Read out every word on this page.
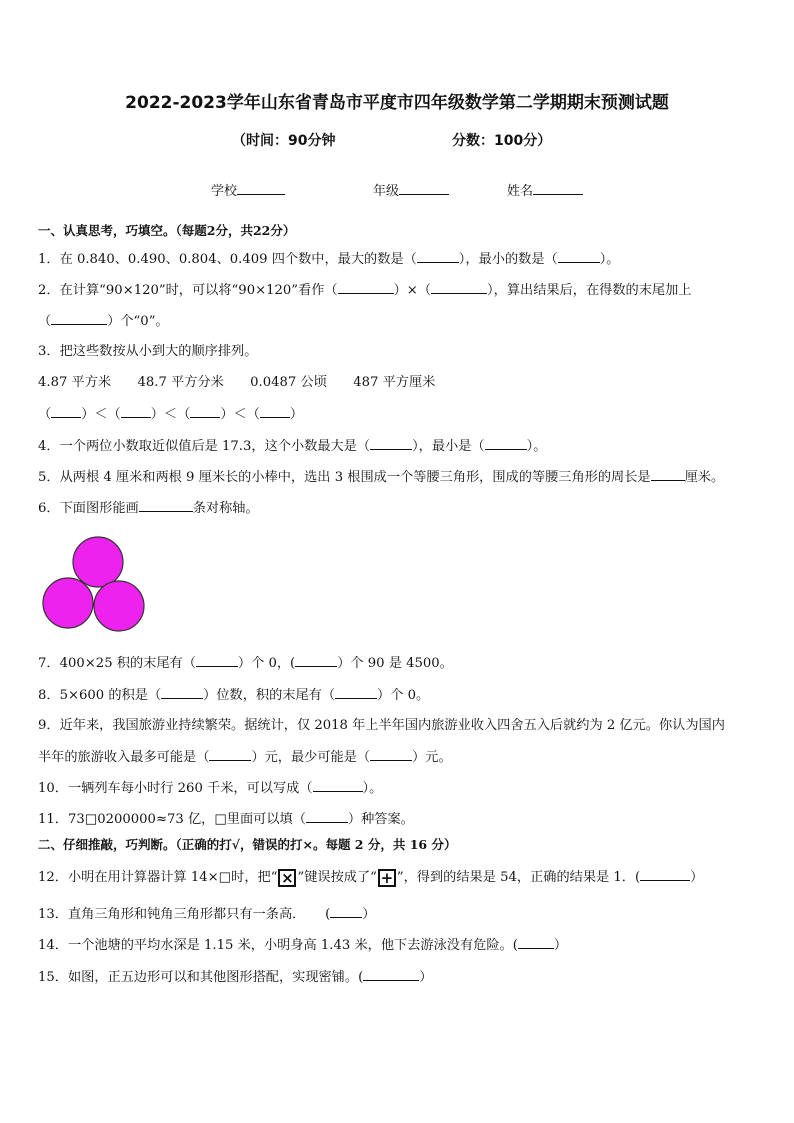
2022-2023学年山东省青岛市平度市四年级数学第二学期期末预测试题
（时间：90分钟	分数：100分）
学校	年级	姓名
一、认真思考，巧填空。（每题2分，共22分）
1．在 0.840、0.490、0.804、0.409 四个数中，最大的数是（	），最小的数是（	）。
2．在计算“90×120”时，可以将“90×120”看作（	）×（	），算出结果后，在得数的末尾加上
（	）个“0”。
3．把这些数按从小到大的顺序排列。
4.87 平方米　　48.7 平方分米　　0.0487 公顷　　487 平方厘米
（ ）＜（ ）＜（ ）＜（ ）
4．一个两位小数取近似值后是 17.3，这个小数最大是（	），最小是（	）。
5．从两根 4 厘米和两根 9 厘米长的小棒中，选出 3 根围成一个等腰三角形，围成的等腰三角形的周长是	厘米。
6．下面图形能画	条对称轴。
7．400×25 积的末尾有（	）个 0，(	）个 90 是 4500。
8．5×600 的积是（	）位数，积的末尾有（	）个 0。
9．近年来，我国旅游业持续繁荣。据统计，仅 2018 年上半年国内旅游业收入四舍五入后就约为 2 亿元。你认为国内
半年的旅游收入最多可能是（	）元，最少可能是（	）元。
10．一辆列车每小时行 260 千米，可以写成（	）。
11．73□0200000≈73 亿，□里面可以填（	）种答案。
二、仔细推敲，巧判断。（正确的打√，错误的打×。每题 2 分，共 16 分）
12．小明在用计算器计算 14×□时，把“ × ”键误按成了“ + ”，得到的结果是 54，正确的结果是 1．(	）
13．直角三角形和钝角三角形都只有一条高．　　( ）
14．一个池塘的平均水深是 1.15 米，小明身高 1.43 米，他下去游泳没有危险。(	）
15．如图，正五边形可以和其他图形搭配，实现密铺。(	）
